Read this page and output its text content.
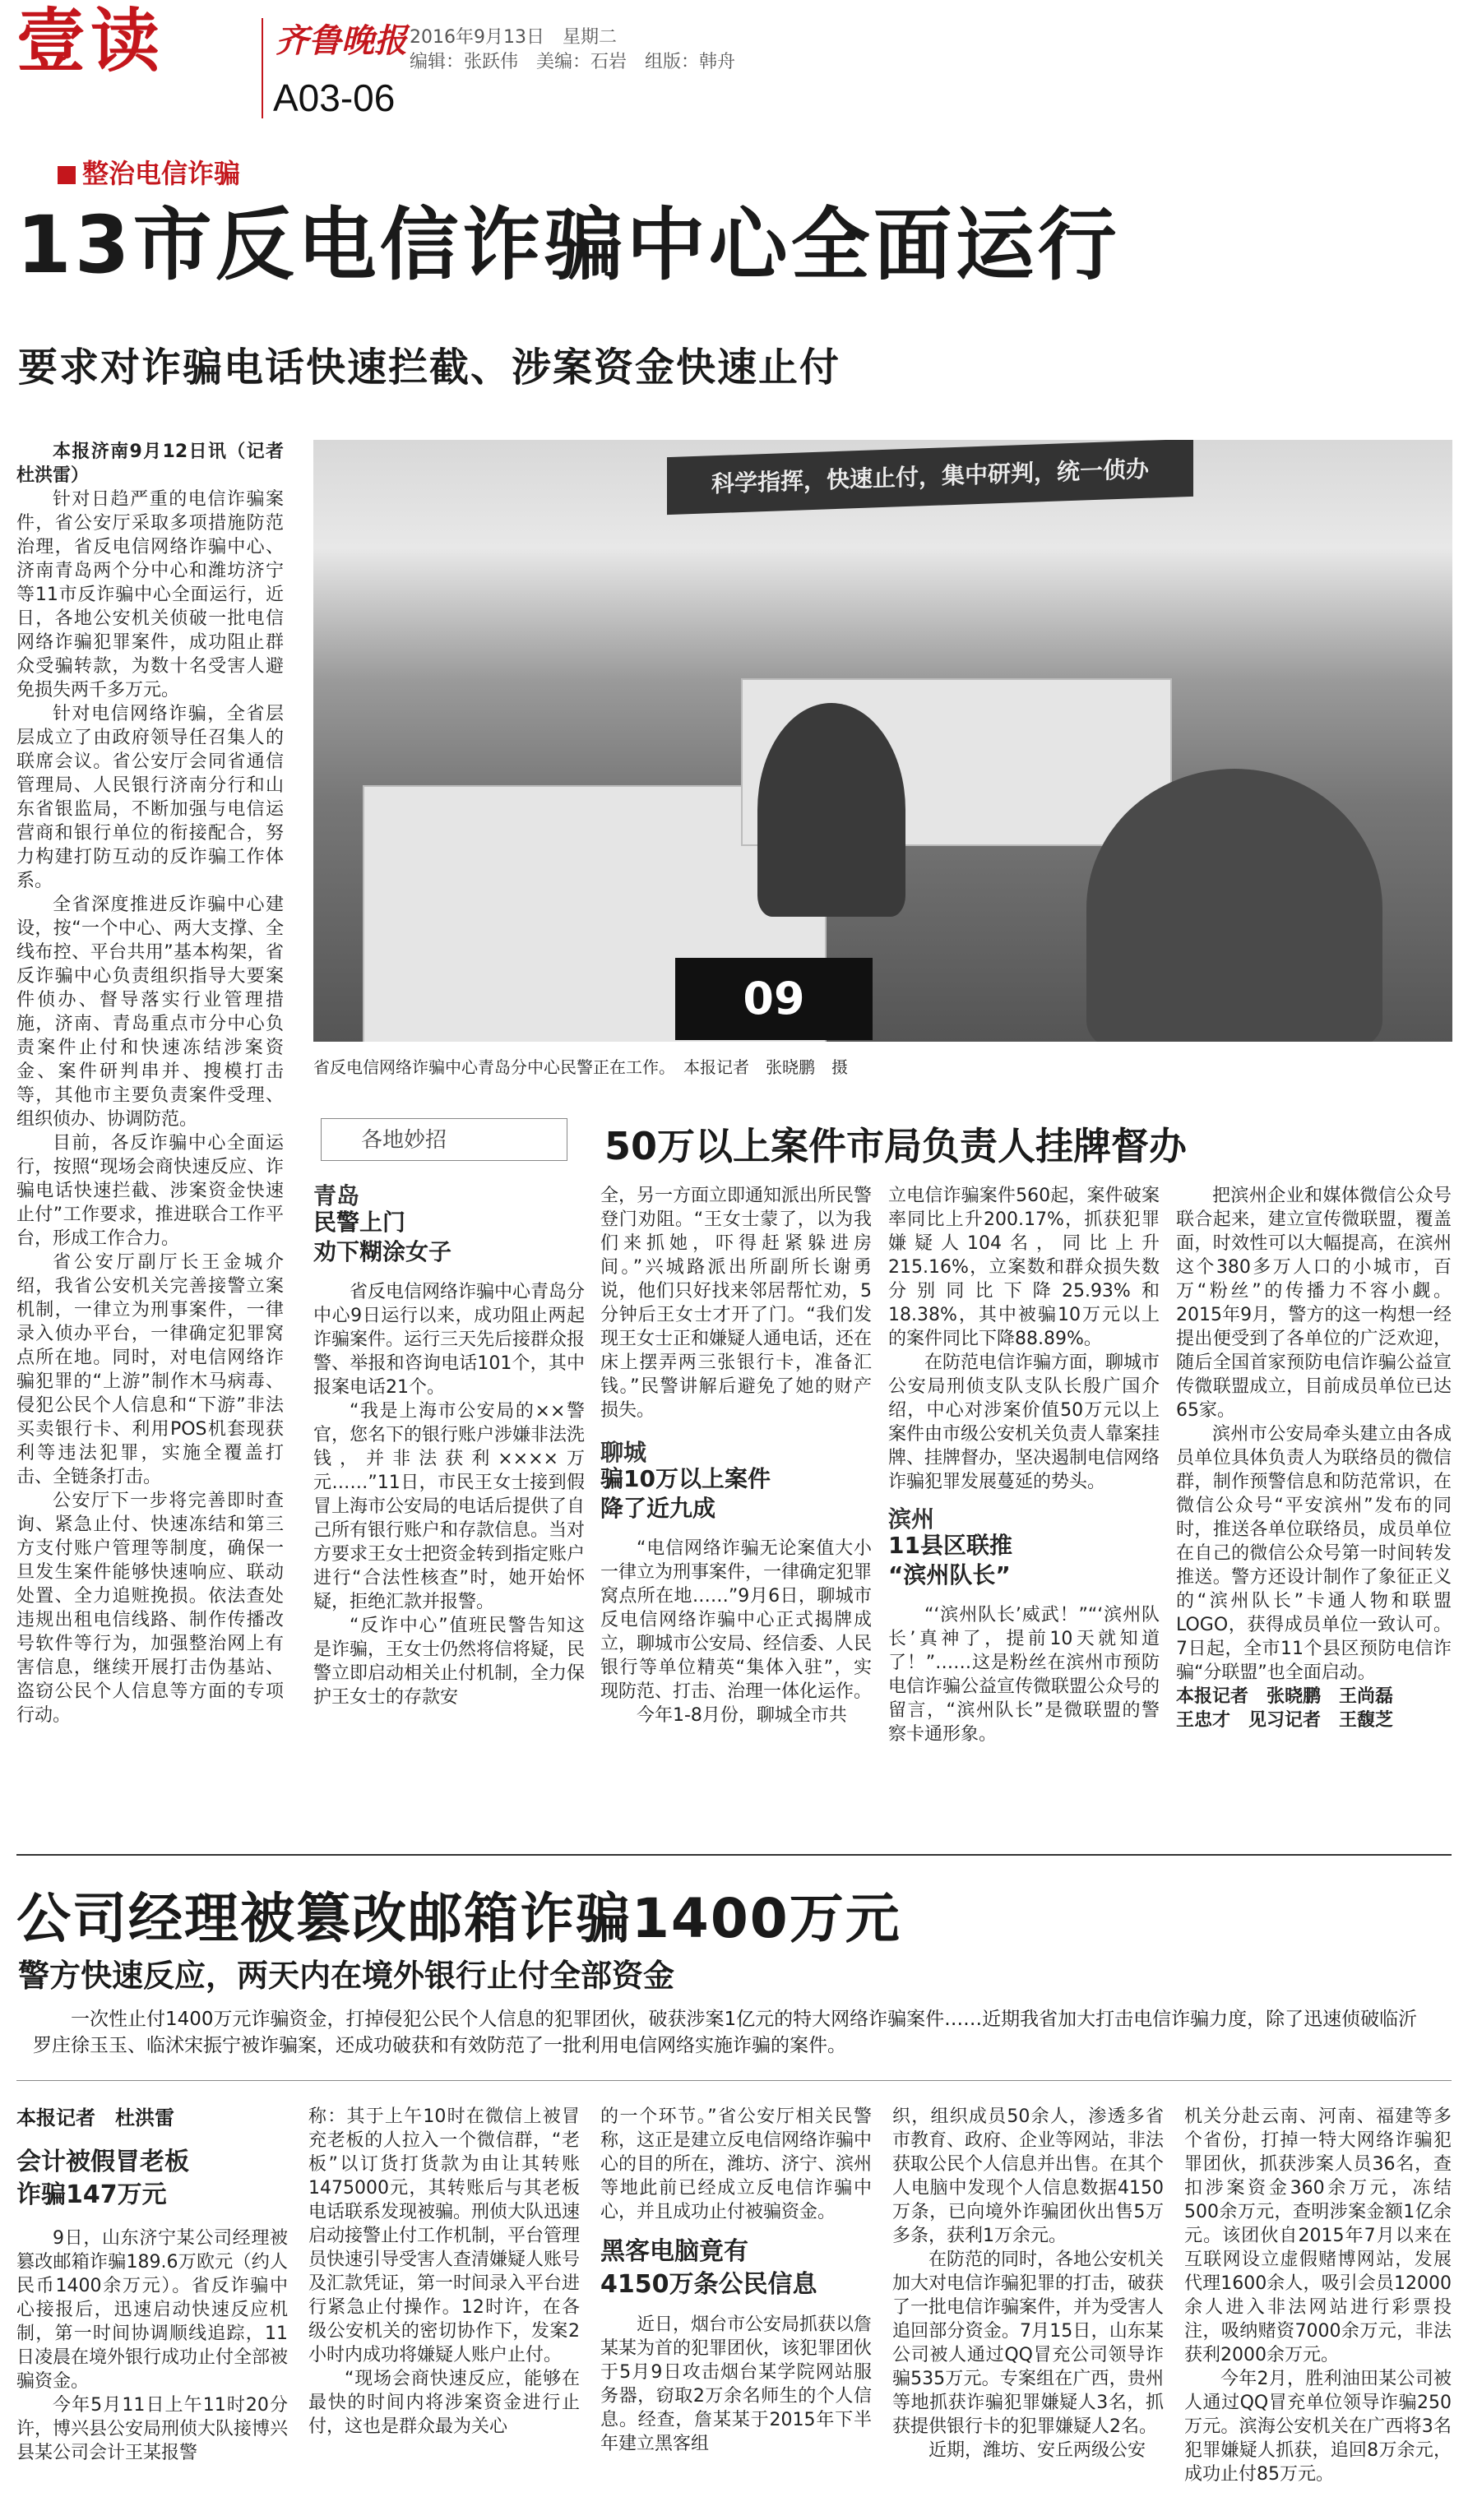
壹读	齐鲁晚报
A03-06
2016年9月13日　星期二
编辑：张跃伟　美编：石岩　组版：韩舟
整治电信诈骗
13市反电信诈骗中心全面运行
要求对诈骗电话快速拦截、涉案资金快速止付
本报济南9月12日讯（记者 杜洪雷）

针对日趋严重的电信诈骗案件，省公安厅采取多项措施防范治理，省反电信网络诈骗中心、济南青岛两个分中心和潍坊济宁等11市反诈骗中心全面运行，近日，各地公安机关侦破一批电信网络诈骗犯罪案件，成功阻止群众受骗转款，为数十名受害人避免损失两千多万元。

针对电信网络诈骗，全省层层成立了由政府领导任召集人的联席会议。省公安厅会同省通信管理局、人民银行济南分行和山东省银监局，不断加强与电信运营商和银行单位的衔接配合，努力构建打防互动的反诈骗工作体系。

全省深度推进反诈骗中心建设，按“一个中心、两大支撑、全线布控、平台共用”基本构架，省反诈骗中心负责组织指导大要案件侦办、督导落实行业管理措施，济南、青岛重点市分中心负责案件止付和快速冻结涉案资金、案件研判串并、搜模打击等，其他市主要负责案件受理、组织侦办、协调防范。

目前，各反诈骗中心全面运行，按照“现场会商快速反应、诈骗电话快速拦截、涉案资金快速止付”工作要求，推进联合工作平台，形成工作合力。

省公安厅副厅长王金城介绍，我省公安机关完善接警立案机制，一律立为刑事案件，一律录入侦办平台，一律确定犯罪窝点所在地。同时，对电信网络诈骗犯罪的“上游”制作木马病毒、侵犯公民个人信息和“下游”非法买卖银行卡、利用POS机套现获利等违法犯罪，实施全覆盖打击、全链条打击。

公安厅下一步将完善即时查询、紧急止付、快速冻结和第三方支付账户管理等制度，确保一旦发生案件能够快速响应、联动处置、全力追赃挽损。依法查处违规出租电信线路、制作传播改号软件等行为，加强整治网上有害信息，继续开展打击伪基站、盗窃公民个人信息等方面的专项行动。

科学指挥，快速止付，集中研判，统一侦办
09
省反电信网络诈骗中心青岛分中心民警正在工作。　本报记者　张晓鹏　摄
各地妙招	50万以上案件市局负责人挂牌督办
青岛
民警上门
劝下糊涂女子

省反电信网络诈骗中心青岛分中心9日运行以来，成功阻止两起诈骗案件。运行三天先后接群众报警、举报和咨询电话101个，其中报案电话21个。

“我是上海市公安局的××警官，您名下的银行账户涉嫌非法洗钱，并非法获利××××万元……”11日，市民王女士接到假冒上海市公安局的电话后提供了自己所有银行账户和存款信息。当对方要求王女士把资金转到指定账户进行“合法性核查”时，她开始怀疑，拒绝汇款并报警。

“反诈中心”值班民警告知这是诈骗，王女士仍然将信将疑，民警立即启动相关止付机制，全力保护王女士的存款安

全，另一方面立即通知派出所民警登门劝阻。“王女士蒙了，以为我们来抓她，吓得赶紧躲进房间。”兴城路派出所副所长谢勇说，他们只好找来邻居帮忙劝，5分钟后王女士才开了门。“我们发现王女士正和嫌疑人通电话，还在床上摆弄两三张银行卡，准备汇钱。”民警讲解后避免了她的财产损失。

聊城
骗10万以上案件
降了近九成

“电信网络诈骗无论案值大小一律立为刑事案件，一律确定犯罪窝点所在地……”9月6日，聊城市反电信网络诈骗中心正式揭牌成立，聊城市公安局、经信委、人民银行等单位精英“集体入驻”，实现防范、打击、治理一体化运作。

今年1-8月份，聊城全市共

立电信诈骗案件560起，案件破案率同比上升200.17%，抓获犯罪嫌疑人104名，同比上升215.16%，立案数和群众损失数分别同比下降25.93%和18.38%，其中被骗10万元以上的案件同比下降88.89%。

在防范电信诈骗方面，聊城市公安局刑侦支队支队长殷广国介绍，中心对涉案价值50万元以上案件由市级公安机关负责人靠案挂牌、挂牌督办，坚决遏制电信网络诈骗犯罪发展蔓延的势头。

滨州
11县区联推
“滨州队长”

“‘滨州队长’威武！”“‘滨州队长’真神了，提前10天就知道了！”……这是粉丝在滨州市预防电信诈骗公益宣传微联盟公众号的留言，“滨州队长”是微联盟的警察卡通形象。

把滨州企业和媒体微信公众号联合起来，建立宣传微联盟，覆盖面，时效性可以大幅提高，在滨州这个380多万人口的小城市，百万“粉丝”的传播力不容小觑。2015年9月，警方的这一构想一经提出便受到了各单位的广泛欢迎，随后全国首家预防电信诈骗公益宣传微联盟成立，目前成员单位已达65家。

滨州市公安局牵头建立由各成员单位具体负责人为联络员的微信群，制作预警信息和防范常识，在微信公众号“平安滨州”发布的同时，推送各单位联络员，成员单位在自己的微信公众号第一时间转发推送。警方还设计制作了象征正义的“滨州队长”卡通人物和联盟LOGO，获得成员单位一致认可。7日起，全市11个县区预防电信诈骗“分联盟”也全面启动。

本报记者　张晓鹏　王尚磊
王忠才　见习记者　王馥芝
公司经理被篡改邮箱诈骗1400万元
警方快速反应，两天内在境外银行止付全部资金
一次性止付1400万元诈骗资金，打掉侵犯公民个人信息的犯罪团伙，破获涉案1亿元的特大网络诈骗案件……近期我省加大打击电信诈骗力度，除了迅速侦破临沂罗庄徐玉玉、临沭宋振宁被诈骗案，还成功破获和有效防范了一批利用电信网络实施诈骗的案件。
本报记者　杜洪雷
会计被假冒老板
诈骗147万元

9日，山东济宁某公司经理被篡改邮箱诈骗189.6万欧元（约人民币1400余万元）。省反诈骗中心接报后，迅速启动快速反应机制，第一时间协调顺线追踪，11日凌晨在境外银行成功止付全部被骗资金。

今年5月11日上午11时20分许，博兴县公安局刑侦大队接博兴县某公司会计王某报警

称：其于上午10时在微信上被冒充老板的人拉入一个微信群，“老板”以订货打货款为由让其转账1475000元，其转账后与其老板电话联系发现被骗。刑侦大队迅速启动接警止付工作机制，平台管理员快速引导受害人查清嫌疑人账号及汇款凭证，第一时间录入平台进行紧急止付操作。12时许，在各级公安机关的密切协作下，发案2小时内成功将嫌疑人账户止付。

“现场会商快速反应，能够在最快的时间内将涉案资金进行止付，这也是群众最为关心

的一个环节。”省公安厅相关民警称，这正是建立反电信网络诈骗中心的目的所在，潍坊、济宁、滨州等地此前已经成立反电信诈骗中心，并且成功止付被骗资金。

黑客电脑竟有
4150万条公民信息

近日，烟台市公安局抓获以詹某某为首的犯罪团伙，该犯罪团伙于5月9日攻击烟台某学院网站服务器，窃取2万余名师生的个人信息。经查，詹某某于2015年下半年建立黑客组

织，组织成员50余人，渗透多省市教育、政府、企业等网站，非法获取公民个人信息并出售。在其个人电脑中发现个人信息数据4150万条，已向境外诈骗团伙出售5万多条，获利1万余元。

在防范的同时，各地公安机关加大对电信诈骗犯罪的打击，破获了一批电信诈骗案件，并为受害人追回部分资金。7月15日，山东某公司被人通过QQ冒充公司领导诈骗535万元。专案组在广西，贵州等地抓获诈骗犯罪嫌疑人3名，抓获提供银行卡的犯罪嫌疑人2名。

近期，潍坊、安丘两级公安

机关分赴云南、河南、福建等多个省份，打掉一特大网络诈骗犯罪团伙，抓获涉案人员36名，查扣涉案资金360余万元，冻结500余万元，查明涉案金额1亿余元。该团伙自2015年7月以来在互联网设立虚假赌博网站，发展代理1600余人，吸引会员12000余人进入非法网站进行彩票投注，吸纳赌资7000余万元，非法获利2000余万元。

今年2月，胜利油田某公司被人通过QQ冒充单位领导诈骗250万元。滨海公安机关在广西将3名犯罪嫌疑人抓获，追回8万余元，成功止付85万元。
